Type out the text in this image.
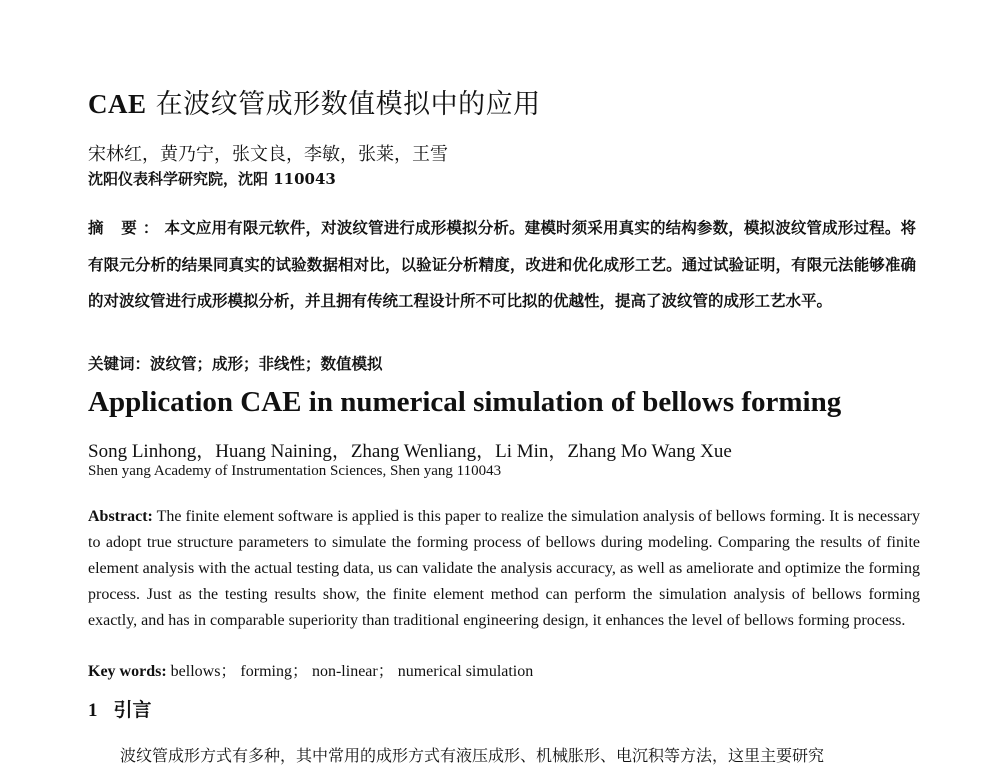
CAE 在波纹管成形数值模拟中的应用
宋林红，黄乃宁，张文良，李敏，张莱，王雪
沈阳仪表科学研究院，沈阳 110043

摘 要：本文应用有限元软件，对波纹管进行成形模拟分析。建模时须采用真实的结构参数，模拟波纹管成形过程。将有限元分析的结果同真实的试验数据相对比，以验证分析精度，改进和优化成形工艺。通过试验证明，有限元法能够准确的对波纹管进行成形模拟分析，并且拥有传统工程设计所不可比拟的优越性，提高了波纹管的成形工艺水平。

关键词：波纹管；成形；非线性；数值模拟
Application CAE in numerical simulation of bellows forming
Song Linhong，Huang Naining，Zhang Wenliang，Li Min，Zhang Mo Wang Xue
Shen yang Academy of Instrumentation Sciences, Shen yang 110043

Abstract: The finite element software is applied is this paper to realize the simulation analysis of bellows forming. It is necessary to adopt true structure parameters to simulate the forming process of bellows during modeling. Comparing the results of finite element analysis with the actual testing data, us can validate the analysis accuracy, as well as ameliorate and optimize the forming process. Just as the testing results show, the finite element method can perform the simulation analysis of bellows forming exactly, and has in comparable superiority than traditional engineering design, it enhances the level of bellows forming process.

Key words: bellows； forming； non-linear； numerical simulation
1 引言

波纹管成形方式有多种，其中常用的成形方式有液压成形、机械胀形、电沉积等方法，这里主要研究
